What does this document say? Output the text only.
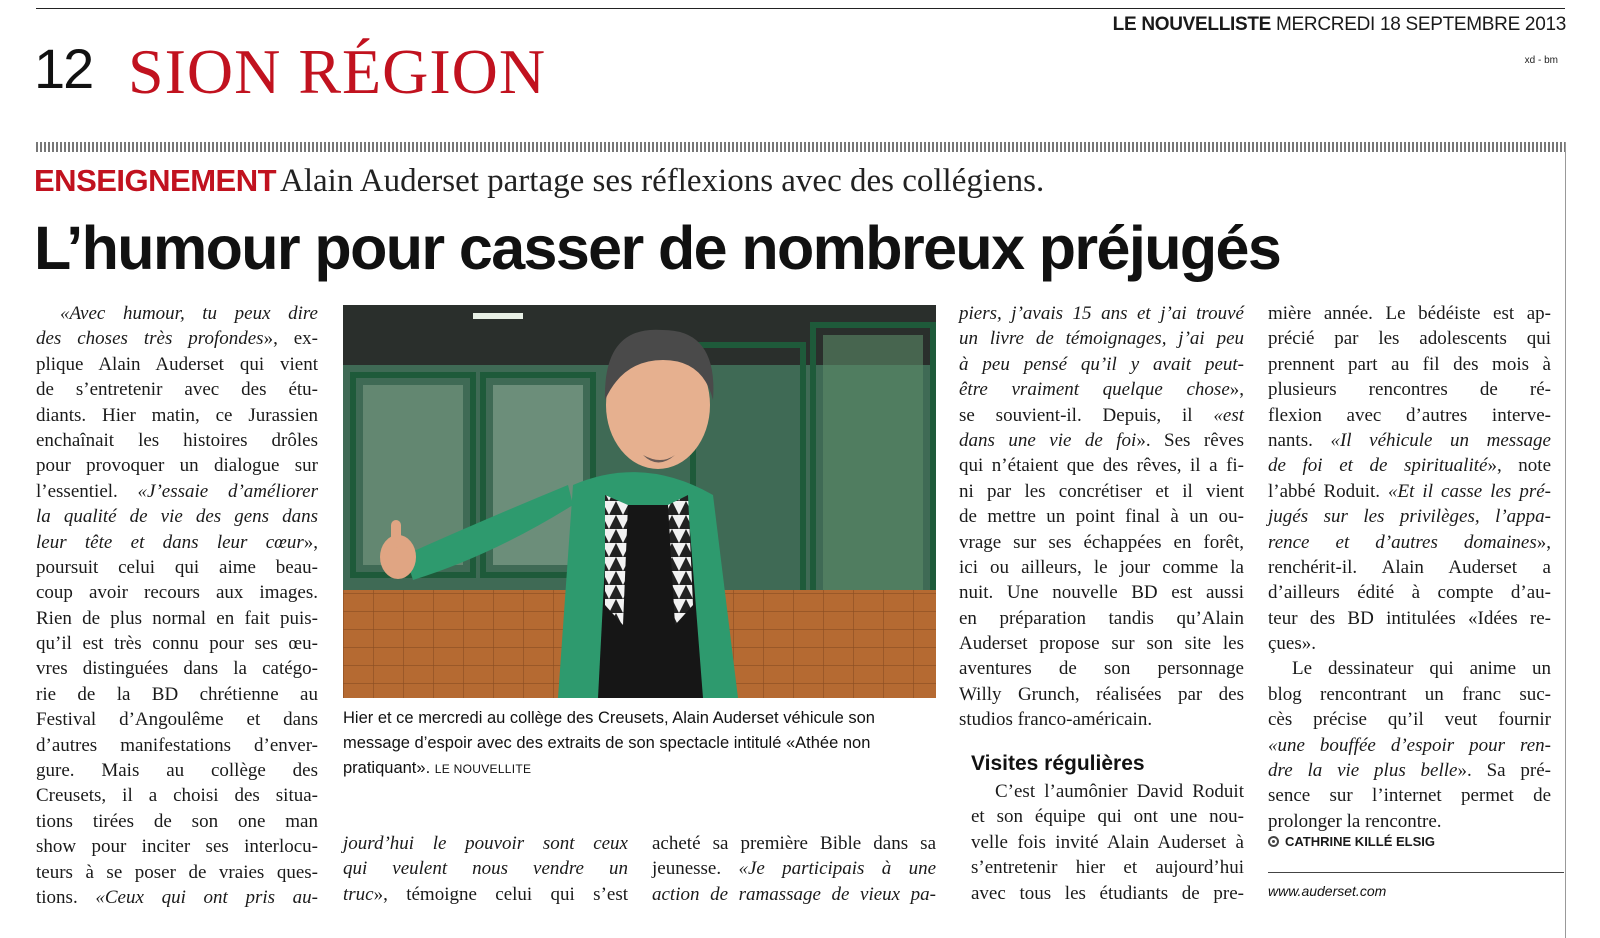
LE NOUVELLISTE MERCREDI 18 SEPTEMBRE 2013
xd - bm
12 SION RÉGION
ENSEIGNEMENT Alain Auderset partage ses réflexions avec des collégiens.
L’humour pour casser de nombreux préjugés
«Avec humour, tu peux dire
des choses très profondes», ex-
plique Alain Auderset qui vient
de s’entretenir avec des étu-
diants. Hier matin, ce Jurassien
enchaînait les histoires drôles
pour provoquer un dialogue sur
l’essentiel. «J’essaie d’améliorer
la qualité de vie des gens dans
leur tête et dans leur cœur»,
poursuit celui qui aime beau-
coup avoir recours aux images.
Rien de plus normal en fait puis-
qu’il est très connu pour ses œu-
vres distinguées dans la catégo-
rie de la BD chrétienne au
Festival d’Angoulême et dans
d’autres manifestations d’enver-
gure. Mais au collège des
Creusets, il a choisi des situa-
tions tirées de son one man
show pour inciter ses interlocu-
teurs à se poser de vraies ques-
tions. «Ceux qui ont pris au-
jourd’hui le pouvoir sont ceux
qui veulent nous vendre un
truc», témoigne celui qui s’est
acheté sa première Bible dans sa
jeunesse. «Je participais à une
action de ramassage de vieux pa-
piers, j’avais 15 ans et j’ai trouvé
un livre de témoignages, j’ai peu
à peu pensé qu’il y avait peut-
être vraiment quelque chose»,
se souvient-il. Depuis, il «est
dans une vie de foi». Ses rêves
qui n’étaient que des rêves, il a fi-
ni par les concrétiser et il vient
de mettre un point final à un ou-
vrage sur ses échappées en forêt,
ici ou ailleurs, le jour comme la
nuit. Une nouvelle BD est aussi
en préparation tandis qu’Alain
Auderset propose sur son site les
aventures de son personnage
Willy Grunch, réalisées par des
studios franco-américain.
C’est l’aumônier David Roduit
et son équipe qui ont une nou-
velle fois invité Alain Auderset à
s’entretenir hier et aujourd’hui
avec tous les étudiants de pre-
mière année. Le bédéiste est ap-
précié par les adolescents qui
prennent part au fil des mois à
plusieurs rencontres de ré-
flexion avec d’autres interve-
nants. «Il véhicule un message
de foi et de spiritualité», note
l’abbé Roduit. «Et il casse les pré-
jugés sur les privilèges, l’appa-
rence et d’autres domaines»,
renchérit-il. Alain Auderset a
d’ailleurs édité à compte d’au-
teur des BD intitulées «Idées re-
çues».
Le dessinateur qui anime un
blog rencontrant un franc suc-
cès précise qu’il veut fournir
«une bouffée d’espoir pour ren-
dre la vie plus belle». Sa pré-
sence sur l’internet permet de
prolonger la rencontre.
Visites régulières
Hier et ce mercredi au collège des Creusets, Alain Auderset véhicule son message d’espoir avec des extraits de son spectacle intitulé «Athée non pratiquant». LE NOUVELLITE
CATHRINE KILLÉ ELSIG
www.auderset.com
